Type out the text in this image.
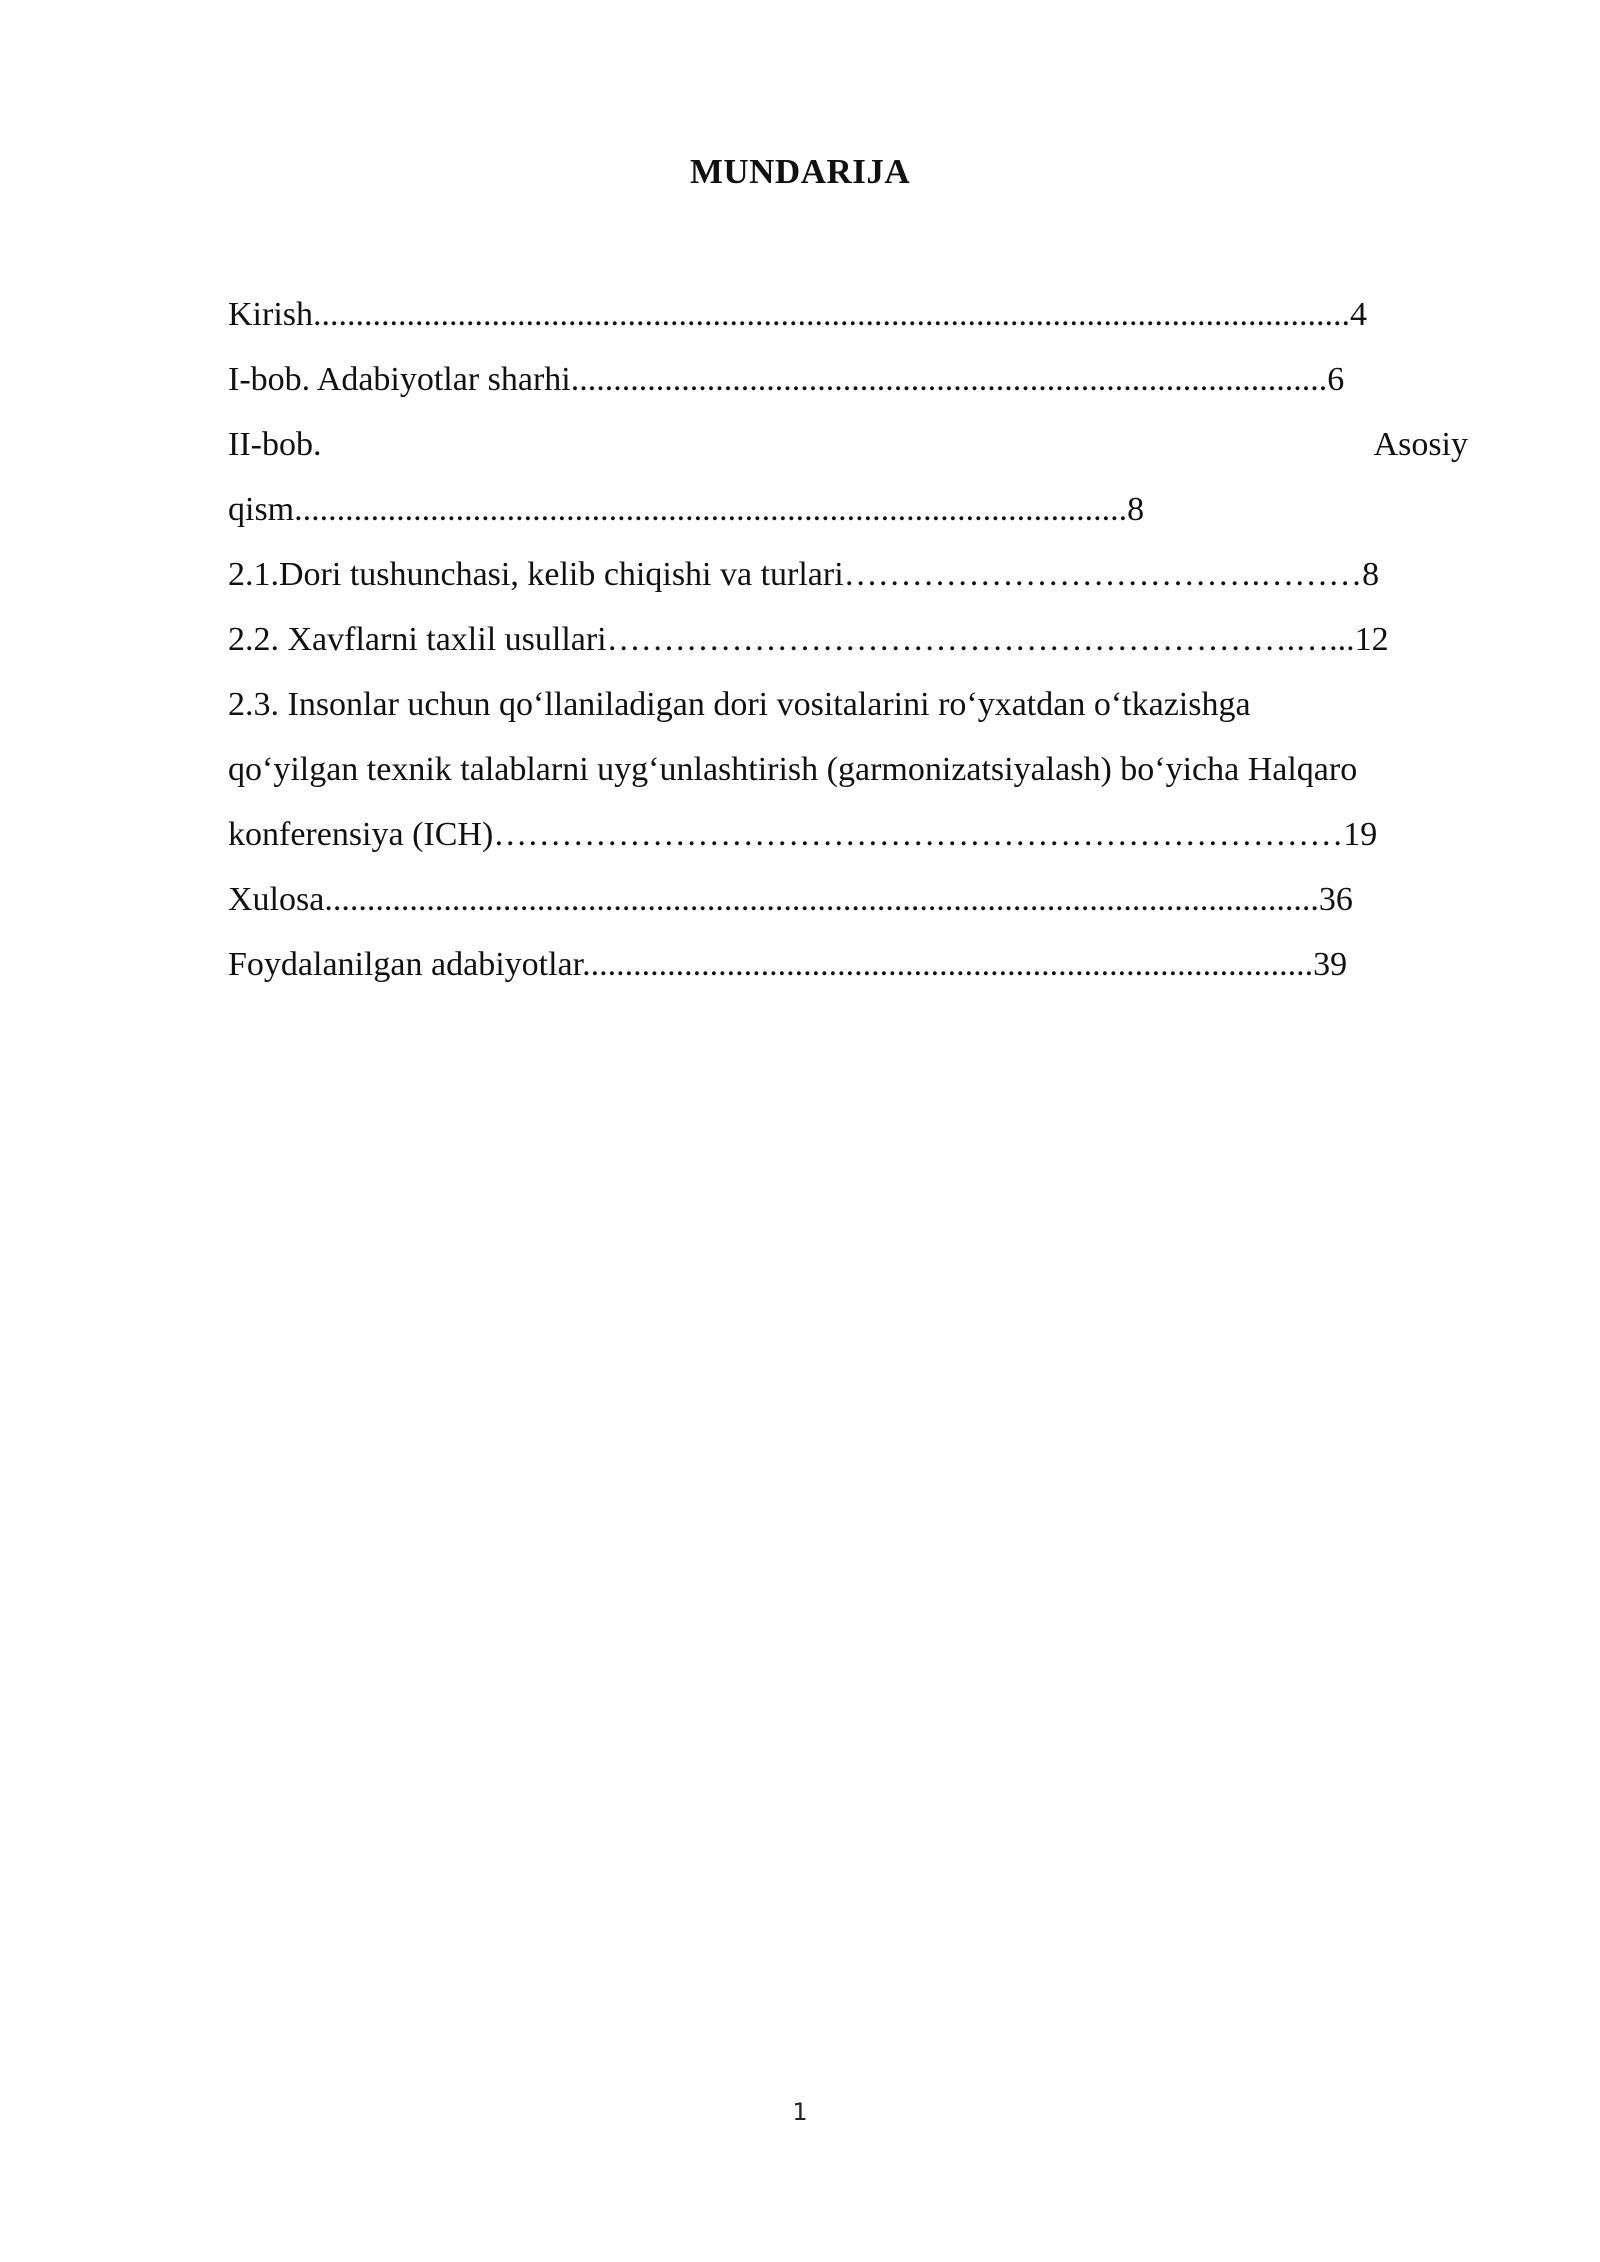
MUNDARIJA
Kirish..........................................................................................................................4
I-bob. Adabiyotlar sharhi.........................................................................................6
II-bob.	Asosiy
qism..................................................................................................8
2.1.Dori tushunchasi, kelib chiqishi va turlari……………………………….………8
2.2. Xavflarni taxlil usullari…………………………………………………….…...12
2.3. Insonlar uchun qo‘llaniladigan dori vositalarini ro‘yxatdan o‘tkazishga
qo‘yilgan texnik talablarni uyg‘unlashtirish (garmonizatsiyalash) bo‘yicha Halqaro
konferensiya (ICH)…………………………………………………………………19
Xulosa.....................................................................................................................36
Foydalanilgan adabiyotlar......................................................................................39
1
